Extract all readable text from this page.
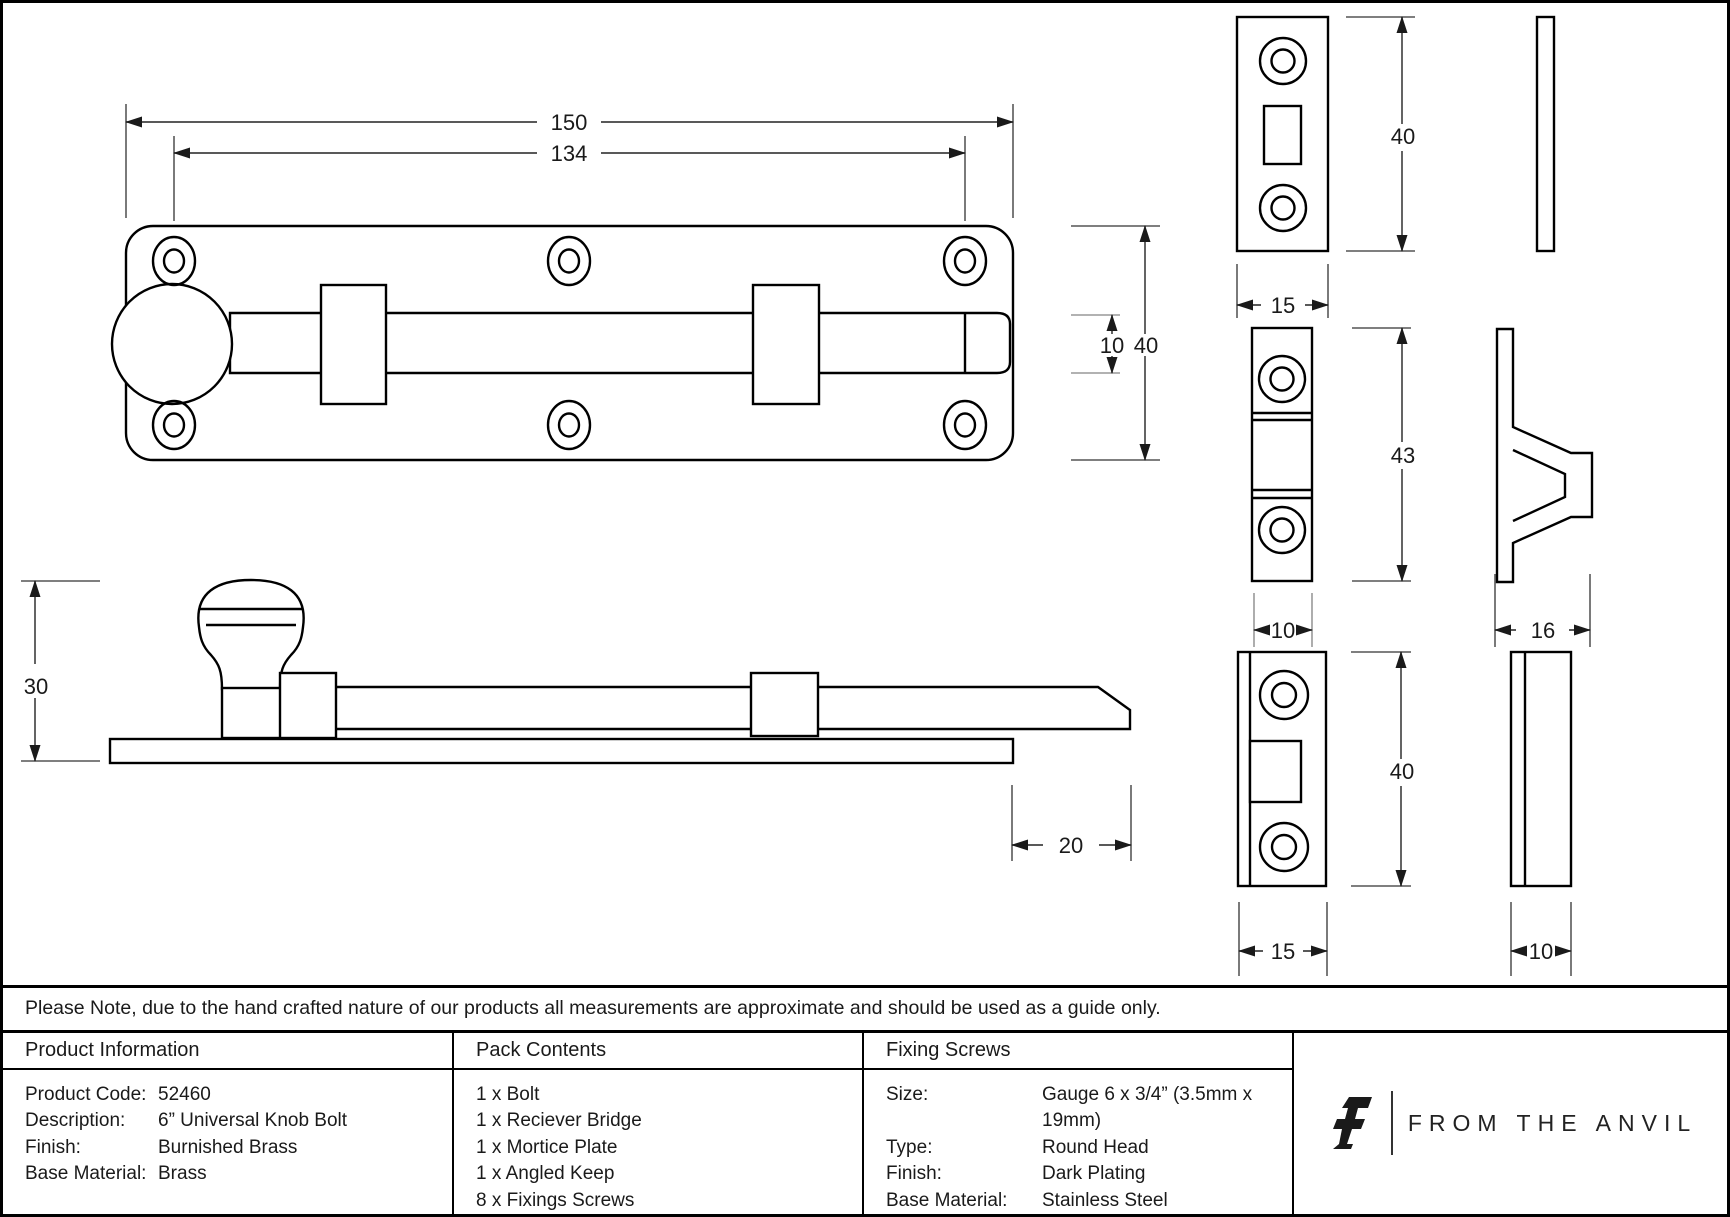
150
134
10 40
30
20
40
15
43
10	16
40
15	10
Please Note, due to the hand crafted nature of our products all measurements are approximate and should be used as a guide only.
Product Information
Product Code: 52460
Description:	6” Universal Knob Bolt
Finish:	Burnished Brass
Base Material: Brass
Pack Contents
1 x Bolt
1 x Reciever Bridge
1 x Mortice Plate
1 x Angled Keep
8 x Fixings Screws
Fixing Screws
Size:	Gauge 6 x 3/4” (3.5mm x 19mm)
Type:	Round Head
Finish:	Dark Plating
Base Material:	Stainless Steel
FROM THE ANVIL
